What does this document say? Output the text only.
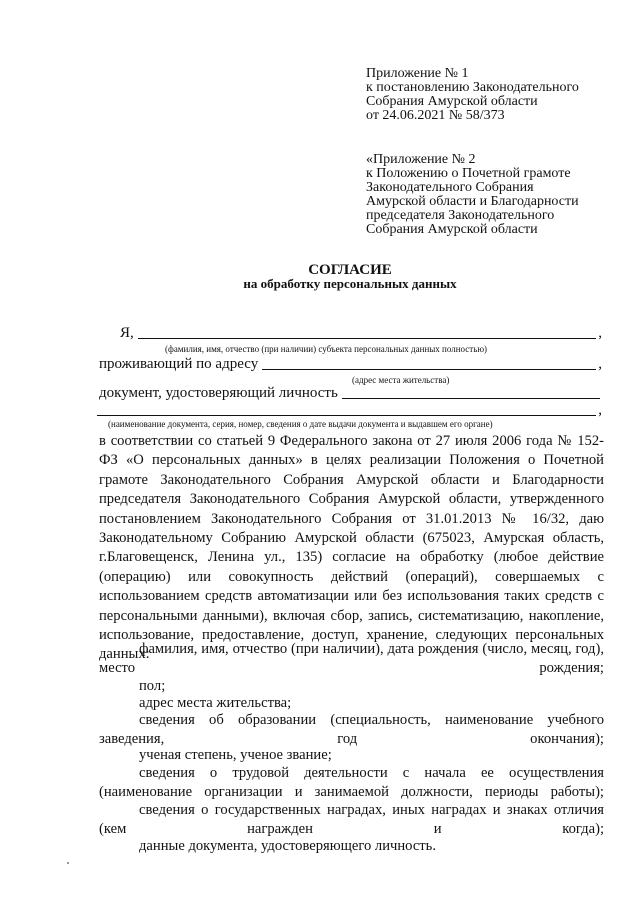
Приложение № 1
к постановлению Законодательного
Собрания Амурской области
от 24.06.2021 № 58/373
«Приложение № 2
к Положению о Почетной грамоте
Законодательного Собрания
Амурской области и Благодарности
председателя Законодательного
Собрания Амурской области
СОГЛАСИЕ
на обработку персональных данных
Я,	,
(фамилия, имя, отчество (при наличии) субъекта персональных данных полностью)
проживающий по адресу	,
(адрес места жительства)
документ, удостоверяющий личность
,
(наименование документа, серия, номер, сведения о дате выдачи документа и выдавшем его органе)

в соответствии со статьей 9 Федерального закона от 27 июля 2006 года № 152-ФЗ «О персональных данных» в целях реализации Положения о Почетной грамоте Законодательного Собрания Амурской области и Благодарности председателя Законодательного Собрания Амурской области, утвержденного постановлением Законодательного Собрания от 31.01.2013 № 16/32, даю Законодательному Собранию Амурской области (675023, Амурская область, г.Благовещенск, Ленина ул., 135) согласие на обработку (любое действие (операцию) или совокупность действий (операций), совершаемых с использованием средств автоматизации или без использования таких средств с персональными данными), включая сбор, запись, систематизацию, накопление, использование, предоставление, доступ, хранение, следующих персональных данных:

фамилия, имя, отчество (при наличии), дата рождения (число, месяц, год), место рождения;

пол;

адрес места жительства;

сведения об образовании (специальность, наименование учебного заведения, год окончания);

ученая степень, ученое звание;

сведения о трудовой деятельности с начала ее осуществления (наименование организации и занимаемой должности, периоды работы);

сведения о государственных наградах, иных наградах и знаках отличия (кем награжден и когда);

данные документа, удостоверяющего личность.
